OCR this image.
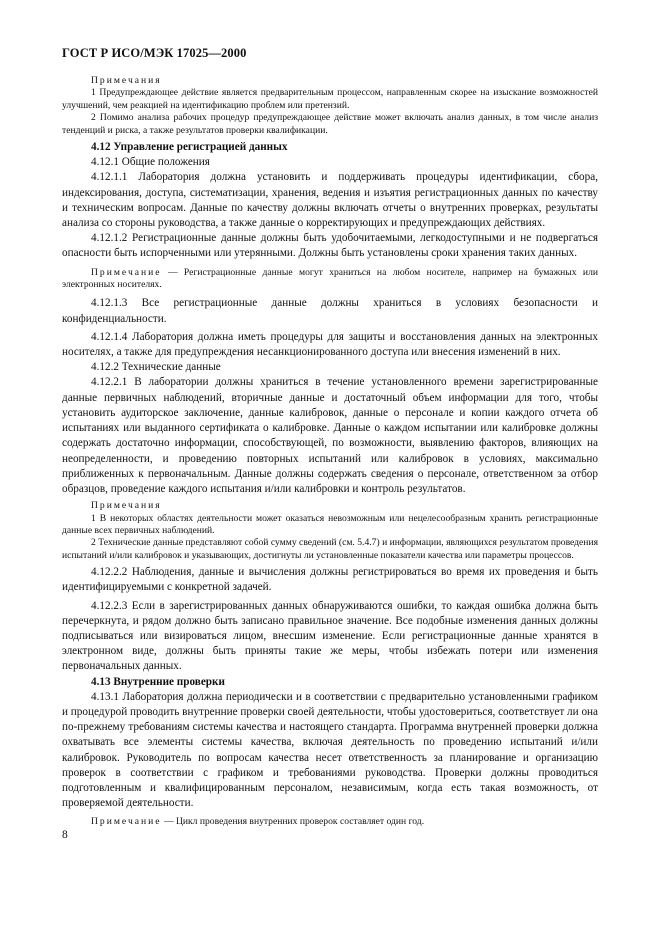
ГОСТ Р ИСО/МЭК 17025—2000

Примечания

1 Предупреждающее действие является предварительным процессом, направленным скорее на изыскание возможностей улучшений, чем реакцией на идентификацию проблем или претензий.

2 Помимо анализа рабочих процедур предупреждающее действие может включать анализ данных, в том числе анализ тенденций и риска, а также результатов проверки квалификации.

4.12 Управление регистрацией данных

4.12.1 Общие положения

4.12.1.1 Лаборатория должна установить и поддерживать процедуры идентификации, сбора, индексирования, доступа, систематизации, хранения, ведения и изъятия регистрационных данных по качеству и техническим вопросам. Данные по качеству должны включать отчеты о внутренних проверках, результаты анализа со стороны руководства, а также данные о корректирующих и предупреждающих действиях.

4.12.1.2 Регистрационные данные должны быть удобочитаемыми, легкодоступными и не подвергаться опасности быть испорченными или утерянными. Должны быть установлены сроки хранения таких данных.

Примечание — Регистрационные данные могут храниться на любом носителе, например на бумажных или электронных носителях.

4.12.1.3 Все регистрационные данные должны храниться в условиях безопасности и конфиденциальности.

4.12.1.4 Лаборатория должна иметь процедуры для защиты и восстановления данных на электронных носителях, а также для предупреждения несанкционированного доступа или внесения изменений в них.

4.12.2 Технические данные

4.12.2.1 В лаборатории должны храниться в течение установленного времени зарегистрированные данные первичных наблюдений, вторичные данные и достаточный объем информации для того, чтобы установить аудиторское заключение, данные калибровок, данные о персонале и копии каждого отчета об испытаниях или выданного сертификата о калибровке. Данные о каждом испытании или калибровке должны содержать достаточно информации, способствующей, по возможности, выявлению факторов, влияющих на неопределенности, и проведению повторных испытаний или калибровок в условиях, максимально приближенных к первоначальным. Данные должны содержать сведения о персонале, ответственном за отбор образцов, проведение каждого испытания и/или калибровки и контроль результатов.

Примечания

1 В некоторых областях деятельности может оказаться невозможным или нецелесообразным хранить регистрационные данные всех первичных наблюдений.

2 Технические данные представляют собой сумму сведений (см. 5.4.7) и информации, являющихся результатом проведения испытаний и/или калибровок и указывающих, достигнуты ли установленные показатели качества или параметры процессов.

4.12.2.2 Наблюдения, данные и вычисления должны регистрироваться во время их проведения и быть идентифицируемыми с конкретной задачей.

4.12.2.3 Если в зарегистрированных данных обнаруживаются ошибки, то каждая ошибка должна быть перечеркнута, и рядом должно быть записано правильное значение. Все подобные изменения данных должны подписываться или визироваться лицом, внесшим изменение. Если регистрационные данные хранятся в электронном виде, должны быть приняты такие же меры, чтобы избежать потери или изменения первоначальных данных.

4.13 Внутренние проверки

4.13.1 Лаборатория должна периодически и в соответствии с предварительно установленными графиком и процедурой проводить внутренние проверки своей деятельности, чтобы удостовериться, соответствует ли она по-прежнему требованиям системы качества и настоящего стандарта. Программа внутренней проверки должна охватывать все элементы системы качества, включая деятельность по проведению испытаний и/или калибровок. Руководитель по вопросам качества несет ответственность за планирование и организацию проверок в соответствии с графиком и требованиями руководства. Проверки должны проводиться подготовленным и квалифицированным персоналом, независимым, когда есть такая возможность, от проверяемой деятельности.

Примечание — Цикл проведения внутренних проверок составляет один год.

8
